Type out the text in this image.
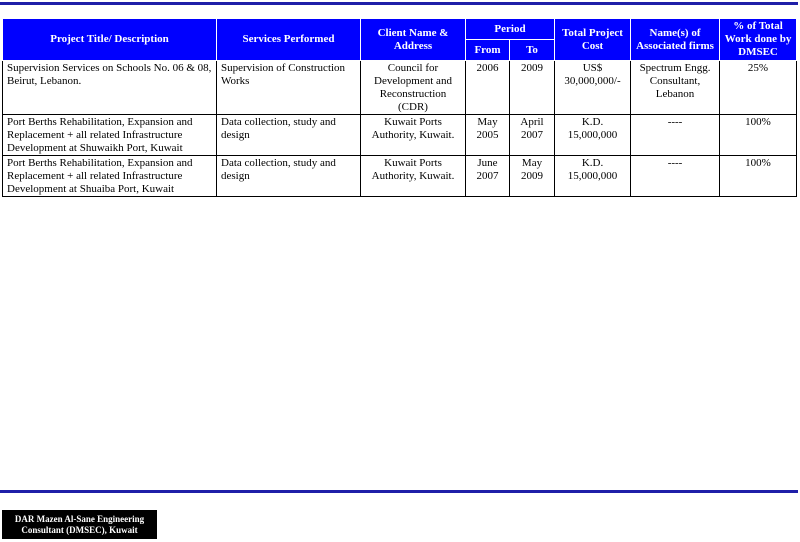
Project Title/ Description	Services Performed	Client Name & Address	Period		Total Project Cost	Name(s) of Associated firms	% of Total Work done by DMSEC
			From	To			
Supervision Services on Schools No. 06 & 08, Beirut, Lebanon.	Supervision of Construction Works	Council for Development and Reconstruction (CDR)	2006	2009	US$ 30,000,000/-	Spectrum Engg. Consultant, Lebanon	25%
Port Berths Rehabilitation, Expansion and Replacement + all related Infrastructure Development at Shuwaikh Port, Kuwait	Data collection, study and design	Kuwait Ports Authority, Kuwait.	May 2005	April 2007	K.D. 15,000,000	----	100%
Port Berths Rehabilitation, Expansion and Replacement + all related Infrastructure Development at Shuaiba Port, Kuwait	Data collection, study and design	Kuwait Ports Authority, Kuwait.	June 2007	May 2009	K.D. 15,000,000	----	100%
DAR Mazen Al-Sane Engineering
Consultant (DMSEC), Kuwait
